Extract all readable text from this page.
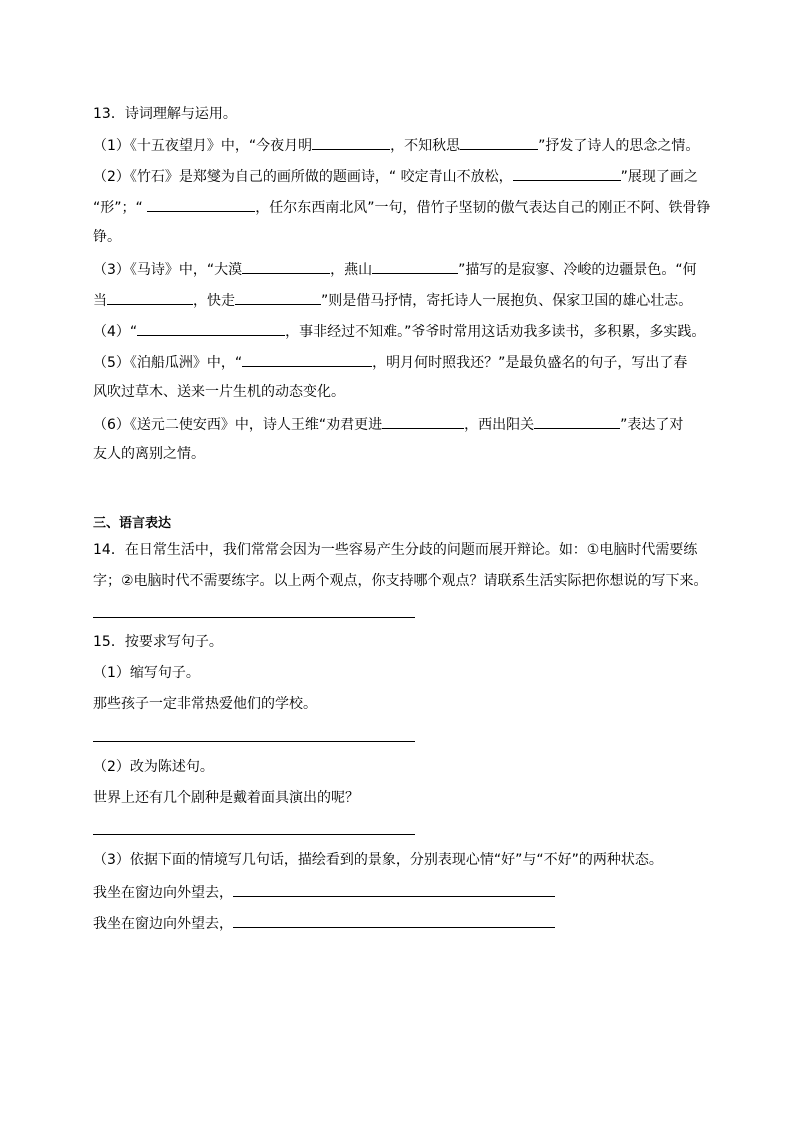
13．诗词理解与运用。
（1）《十五夜望月》中，“今夜月明	，不知秋思	”抒发了诗人的思念之情。
（2）《竹石》是郑燮为自己的画所做的题画诗，“ 咬定青山不放松，	”展现了画之
“形”；“	，任尔东西南北风”一句，借竹子坚韧的傲气表达自己的刚正不阿、铁骨铮
铮。
（3）《马诗》中，“大漠	，燕山	”描写的是寂寥、冷峻的边疆景色。“何
当	，快走	”则是借马抒情，寄托诗人一展抱负、保家卫国的雄心壮志。
（4）“	，事非经过不知难。”爷爷时常用这话劝我多读书，多积累，多实践。
（5）《泊船瓜洲》中，“	，明月何时照我还？”是最负盛名的句子，写出了春
风吹过草木、送来一片生机的动态变化。
（6）《送元二使安西》中，诗人王维“劝君更进	，西出阳关	”表达了对
友人的离别之情。
三、语言表达
14．在日常生活中，我们常常会因为一些容易产生分歧的问题而展开辩论。如：①电脑时代需要练
字；②电脑时代不需要练字。以上两个观点，你支持哪个观点？请联系生活实际把你想说的写下来。
15．按要求写句子。
（1）缩写句子。
那些孩子一定非常热爱他们的学校。
（2）改为陈述句。
世界上还有几个剧种是戴着面具演出的呢？
（3）依据下面的情境写几句话，描绘看到的景象，分别表现心情“好”与“不好”的两种状态。
我坐在窗边向外望去，
我坐在窗边向外望去，
